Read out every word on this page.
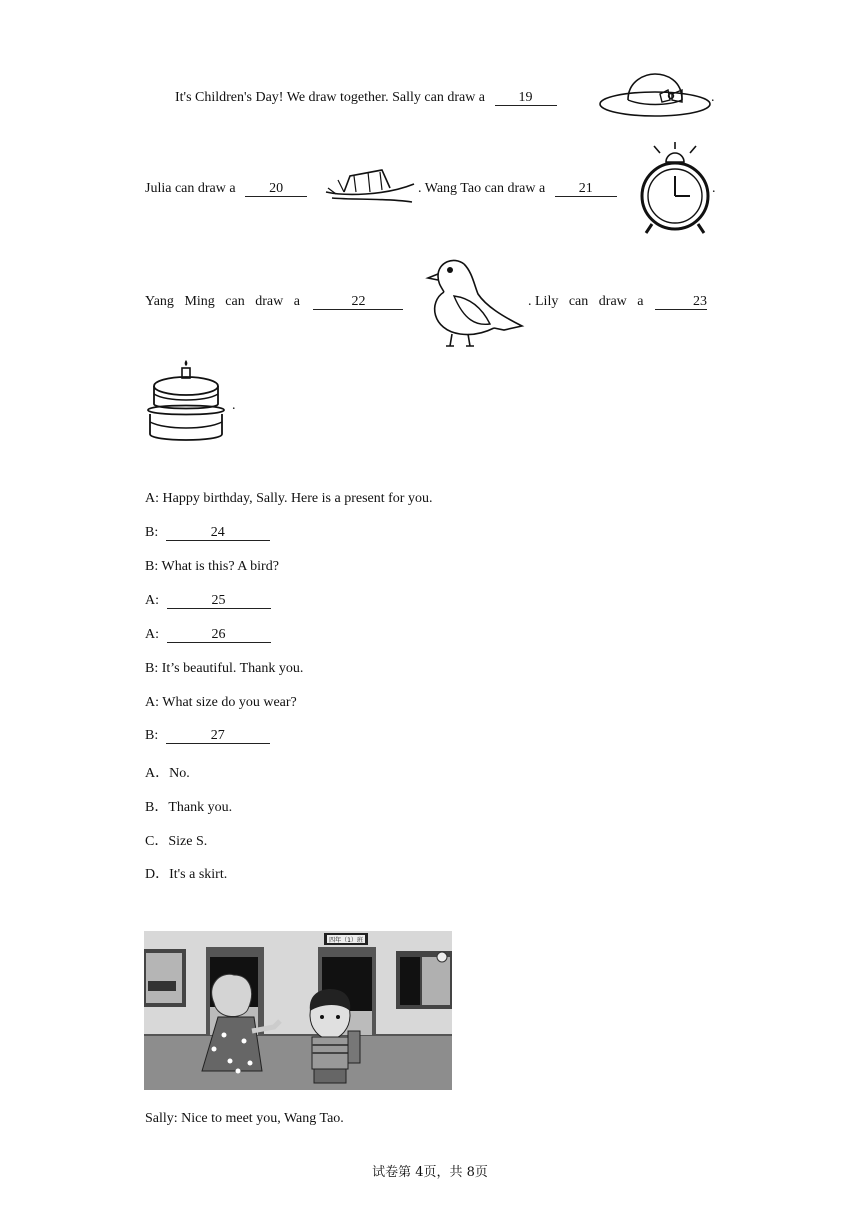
It's Children's Day! We draw together. Sally can draw a 19	.
Julia can draw a 20	. Wang Tao can draw a 21	.
Yang Ming can draw a	22	. Lily can draw a	23
.
A: Happy birthday, Sally. Here is a present for you.
B:	24
B: What is this? A bird?
A:	25
A:	26
B: It’s beautiful. Thank you.
A: What size do you wear?
B:	27
A．No.
B．Thank you.
C．Size S.
D．It's a skirt.
四年（1）班
Sally: Nice to meet you, Wang Tao.
试卷第 4页，共 8页
